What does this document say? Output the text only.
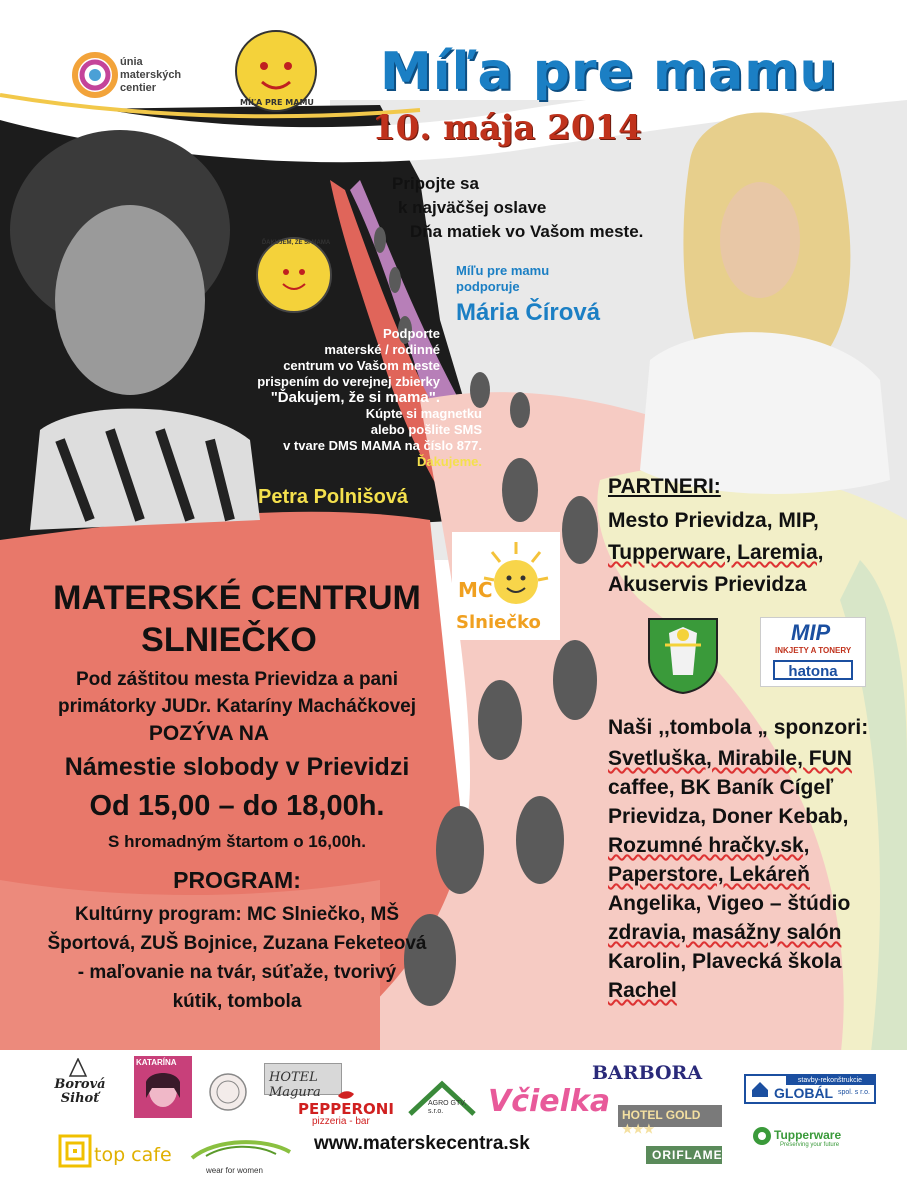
únia
materských
centier
MÍĽA PRE MAMU
Míľa pre mamu
10. mája 2014
Pripojte sa
k najväčšej oslave
Dňa matiek vo Vašom meste.
Míľu pre mamu
podporuje
Mária Čírová
ĎAKUJEM, ŽE SI MAMA
Podporte
materské / rodinné
centrum vo Vašom meste
prispením do verejnej zbierky
"Ďakujem, že si mama".
Kúpte si magnetku
alebo pošlite SMS
v tvare DMS MAMA na číslo 877.
Ďakujeme.
Petra Polnišová
MC
Slniečko
MATERSKÉ CENTRUM
SLNIEČKO
Pod záštitou mesta Prievidza a pani
primátorky JUDr. Kataríny Macháčkovej
POZÝVA NA
Námestie slobody v Prievidzi
Od 15,00 – do 18,00h.
S hromadným štartom o 16,00h.
PROGRAM:
Kultúrny program: MC Slniečko, MŠ
Športová, ZUŠ Bojnice, Zuzana Feketeová
- maľovanie na tvár, súťaže, tvorivý
kútik, tombola
PARTNERI:
Mesto Prievidza, MIP,
Tupperware, Laremia,
Akuservis Prievidza
MIP
INKJETY A TONERY
hatona
Naši ,,tombola „ sponzori:
Svetluška, Mirabile, FUN
caffee, BK Baník Cígeľ
Prievidza, Doner Kebab,
Rozumné hračky.sk,
Paperstore, Lekáreň
Angelika, Vigeo – štúdio
zdravia, masážny salón
Karolin, Plavecká škola
Rachel
Borová Sihoť
KATARÍNA
HOTEL Magura
PEPPERONI
pizzeria - bar
AGRO GTV, s.r.o.	Včielka
BARBORA
HOTEL GOLD ★★★
ORIFLAME
stavby-rekonštrukcie
GLOBÁL spol. s r.o.
Tupperware
Preserving your future
top cafe
wear for women
www.materskecentra.sk
